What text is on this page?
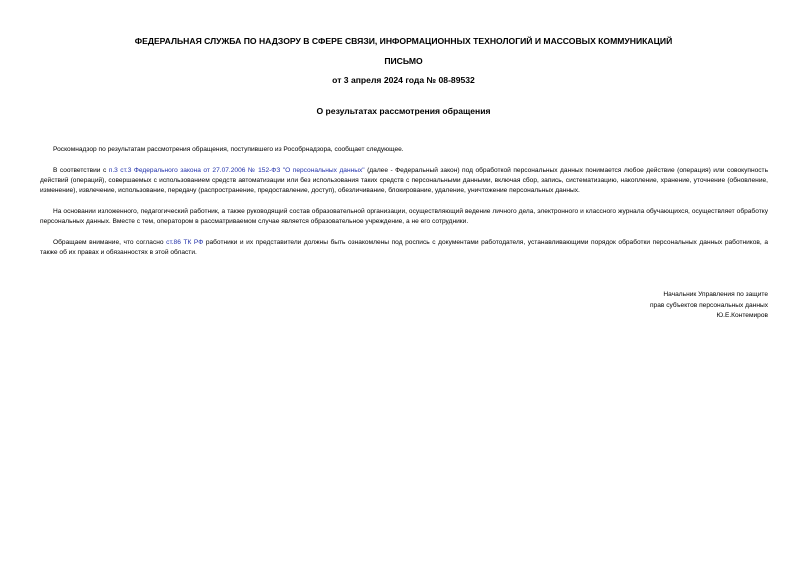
ФЕДЕРАЛЬНАЯ СЛУЖБА ПО НАДЗОРУ В СФЕРЕ СВЯЗИ, ИНФОРМАЦИОННЫХ ТЕХНОЛОГИЙ И МАССОВЫХ КОММУНИКАЦИЙ

ПИСЬМО

от 3 апреля 2024 года № 08-89532

О результатах рассмотрения обращения

Роскомнадзор по результатам рассмотрения обращения, поступившего из Рособрнадзора, сообщает следующее.

В соответствии с п.3 ст.3 Федерального закона от 27.07.2006 № 152-ФЗ "О персональных данных" (далее - Федеральный закон) под обработкой персональных данных понимается любое действие (операция) или совокупность действий (операций), совершаемых с использованием средств автоматизации или без использования таких средств с персональными данными, включая сбор, запись, систематизацию, накопление, хранение, уточнение (обновление, изменение), извлечение, использование, передачу (распространение, предоставление, доступ), обезличивание, блокирование, удаление, уничтожение персональных данных.

На основании изложенного, педагогический работник, а также руководящий состав образовательной организации, осуществляющий ведение личного дела, электронного и классного журнала обучающихся, осуществляет обработку персональных данных. Вместе с тем, оператором в рассматриваемом случае является образовательное учреждение, а не его сотрудники.

Обращаем внимание, что согласно ст.86 ТК РФ работники и их представители должны быть ознакомлены под роспись с документами работодателя, устанавливающими порядок обработки персональных данных работников, а также об их правах и обязанностях в этой области.

Начальник Управления по защите
прав субъектов персональных данных
Ю.Е.Контемиров
